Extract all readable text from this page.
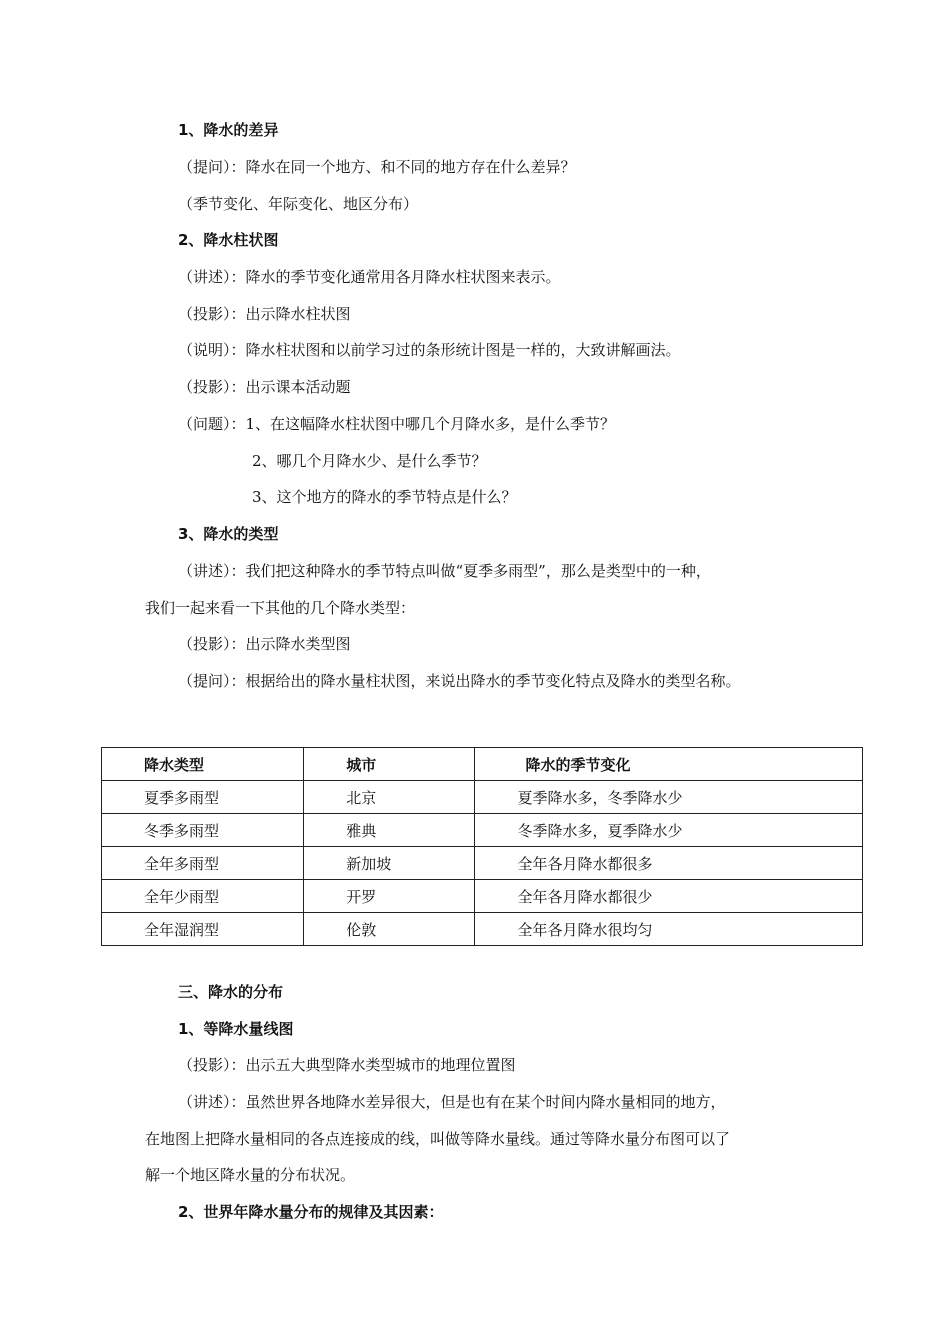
1、降水的差异
（提问）：降水在同一个地方、和不同的地方存在什么差异？
（季节变化、年际变化、地区分布）
2、降水柱状图
（讲述）：降水的季节变化通常用各月降水柱状图来表示。
（投影）：出示降水柱状图
（说明）：降水柱状图和以前学习过的条形统计图是一样的，大致讲解画法。
（投影）：出示课本活动题
（问题）：1、在这幅降水柱状图中哪几个月降水多，是什么季节？
2、哪几个月降水少、是什么季节？
3、这个地方的降水的季节特点是什么？
3、降水的类型
（讲述）：我们把这种降水的季节特点叫做“夏季多雨型”，那么是类型中的一种，
我们一起来看一下其他的几个降水类型：
（投影）：出示降水类型图
（提问）：根据给出的降水量柱状图，来说出降水的季节变化特点及降水的类型名称。
降水类型	城市	降水的季节变化
夏季多雨型	北京	夏季降水多，冬季降水少
冬季多雨型	雅典	冬季降水多，夏季降水少
全年多雨型	新加坡	全年各月降水都很多
全年少雨型	开罗	全年各月降水都很少
全年湿润型	伦敦	全年各月降水很均匀
三、降水的分布
1、等降水量线图
（投影）：出示五大典型降水类型城市的地理位置图
（讲述）：虽然世界各地降水差异很大，但是也有在某个时间内降水量相同的地方，
在地图上把降水量相同的各点连接成的线，叫做等降水量线。通过等降水量分布图可以了
解一个地区降水量的分布状况。
2、世界年降水量分布的规律及其因素：
